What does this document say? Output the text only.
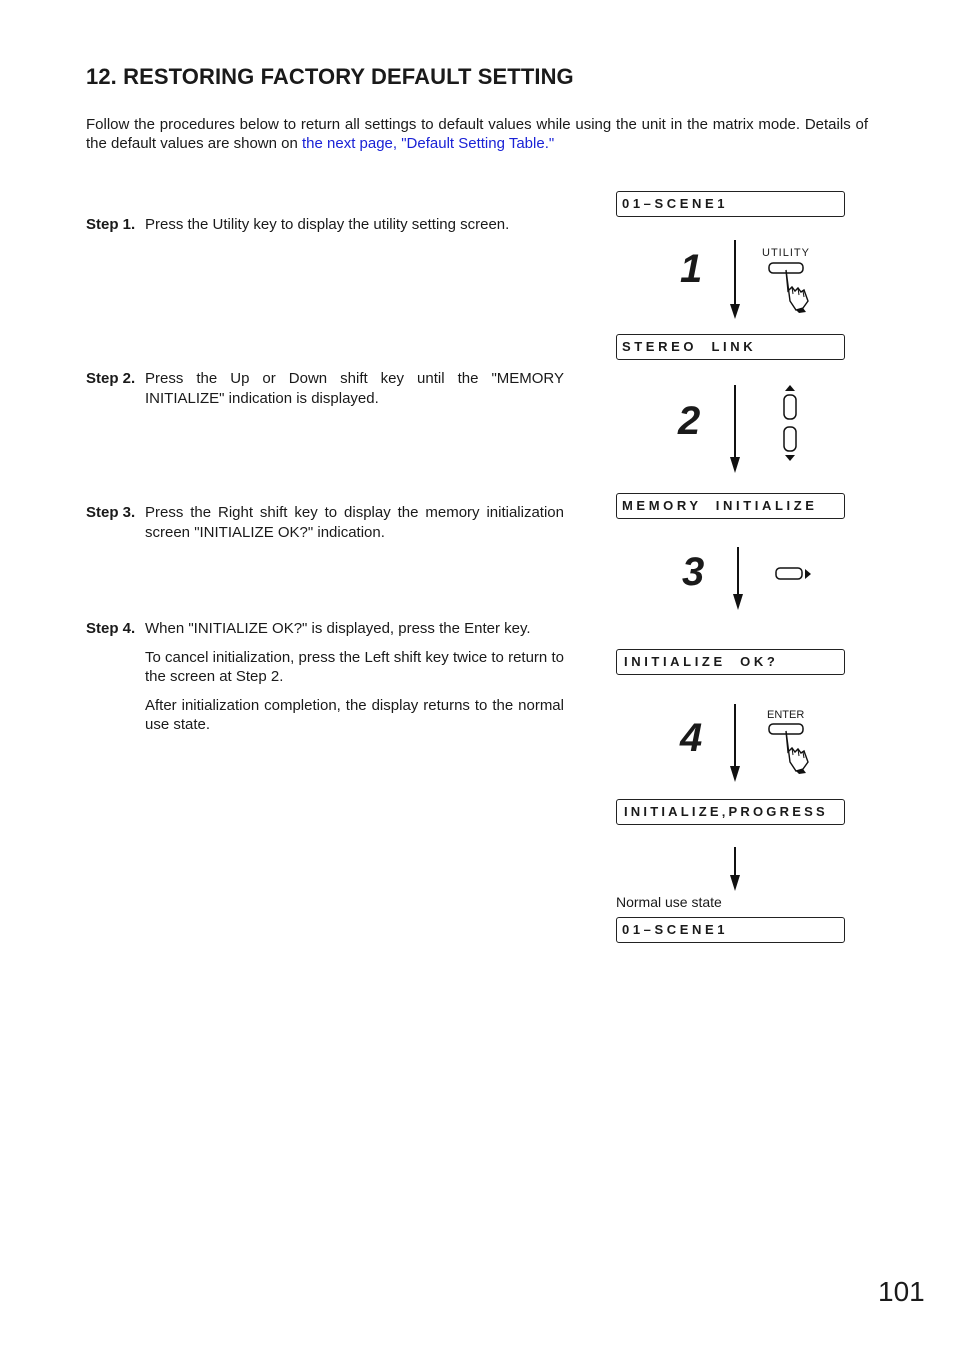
12. RESTORING FACTORY DEFAULT SETTING
Follow the procedures below to return all settings to default values while using the unit in the matrix mode. Details of the default values are shown on the next page, "Default Setting Table."
Step 1. Press the Utility key to display the utility setting screen.

Step 2. Press the Up or Down shift key until the "MEMORY INITIALIZE" indication is displayed.

Step 3. Press the Right shift key to display the memory initialization screen "INITIALIZE OK?" indication.

Step 4. When "INITIALIZE OK?" is displayed, press the Enter key.

To cancel initialization, press the Left shift key twice to return to the screen at Step 2.

After initialization completion, the display returns to the normal use state.

01–SCENE1
STEREO  LINK
MEMORY  INITIALIZE
INITIALIZE  OK?
INITIALIZE‚PROGRESS
01–SCENE1
1
2
3
4
UTILITY
ENTER
Normal use state
101
